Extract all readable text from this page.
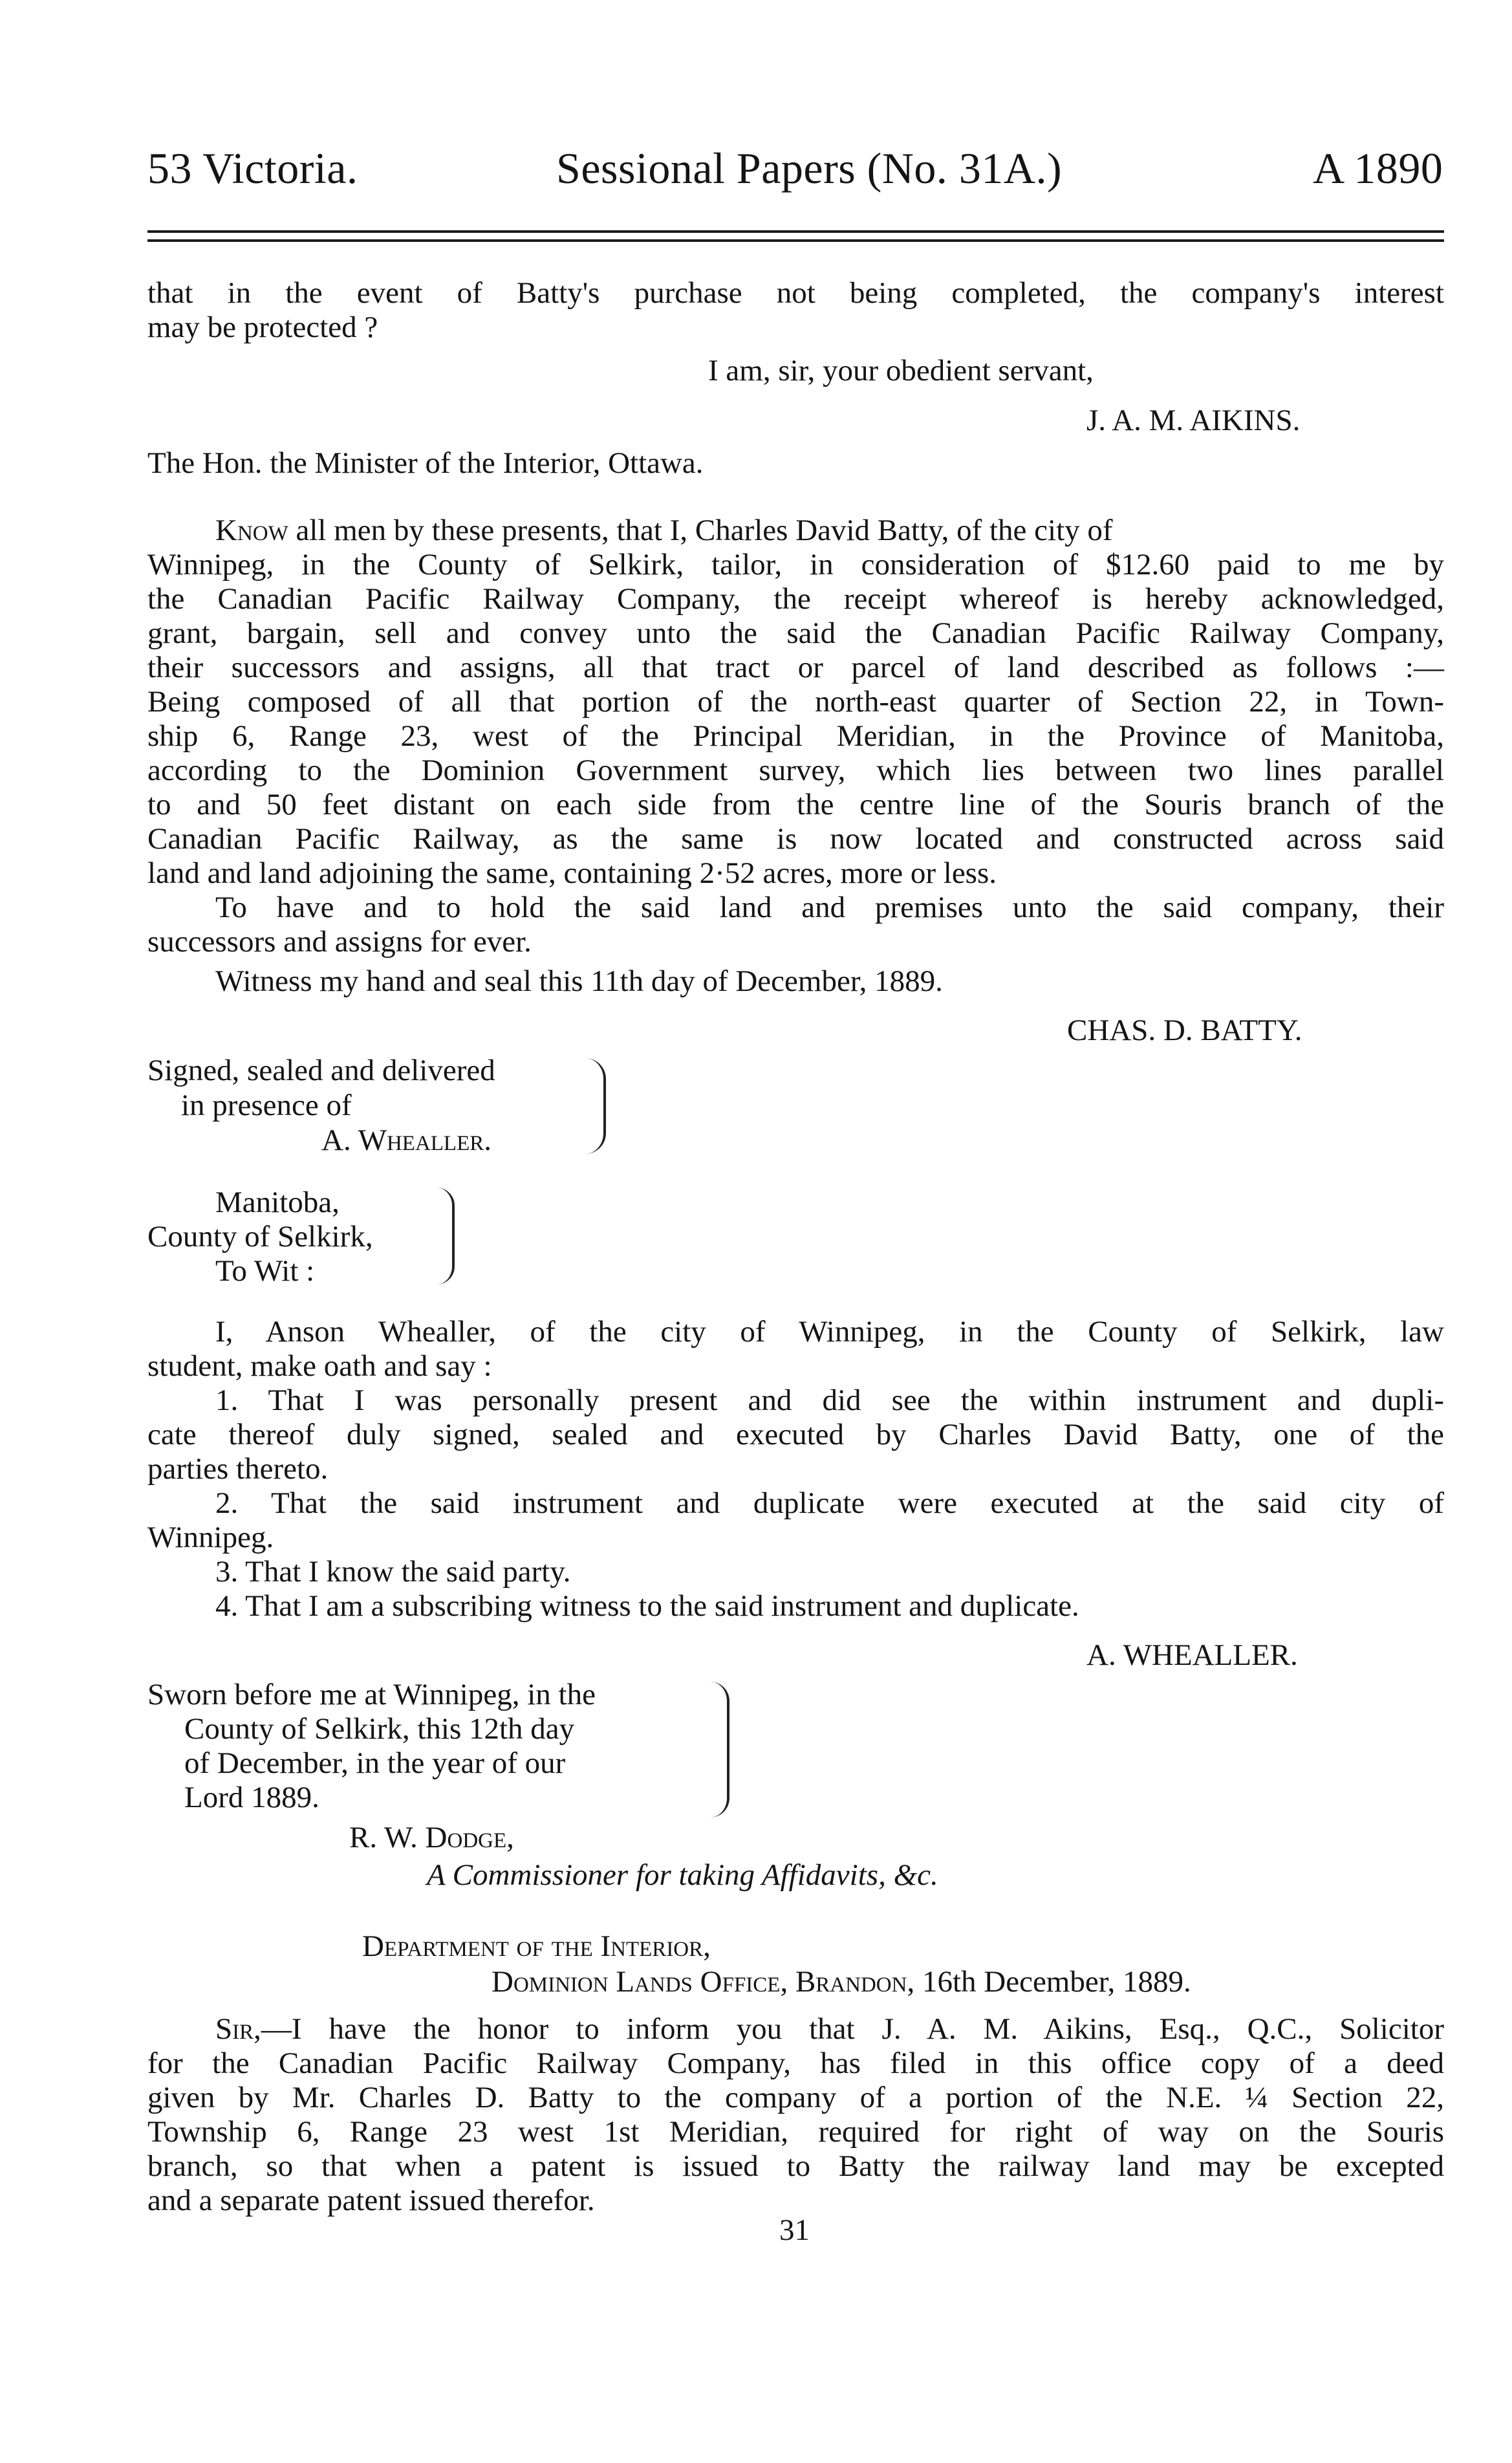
53 Victoria.	Sessional Papers (No. 31A.)	A 1890
that in the event of Batty's purchase not being completed, the company's interest
may be protected ?
I am, sir, your obedient servant,
J. A. M. AIKINS.
The Hon. the Minister of the Interior, Ottawa.
Know all men by these presents, that I, Charles David Batty, of the city of
Winnipeg, in the County of Selkirk, tailor, in consideration of $12.60 paid to me by
the Canadian Pacific Railway Company, the receipt whereof is hereby acknowledged,
grant, bargain, sell and convey unto the said the Canadian Pacific Railway Company,
their successors and assigns, all that tract or parcel of land described as follows :—
Being composed of all that portion of the north-east quarter of Section 22, in Town-
ship 6, Range 23, west of the Principal Meridian, in the Province of Manitoba,
according to the Dominion Government survey, which lies between two lines parallel
to and 50 feet distant on each side from the centre line of the Souris branch of the
Canadian Pacific Railway, as the same is now located and constructed across said
land and land adjoining the same, containing 2·52 acres, more or less.
To have and to hold the said land and premises unto the said company, their
successors and assigns for ever.
Witness my hand and seal this 11th day of December, 1889.
CHAS. D. BATTY.
Signed, sealed and delivered
in presence of
A. Whealler.
Manitoba,
County of Selkirk,
To Wit :
I, Anson Whealler, of the city of Winnipeg, in the County of Selkirk, law
student, make oath and say :
1. That I was personally present and did see the within instrument and dupli-
cate thereof duly signed, sealed and executed by Charles David Batty, one of the
parties thereto.
2. That the said instrument and duplicate were executed at the said city of
Winnipeg.
3. That I know the said party.
4. That I am a subscribing witness to the said instrument and duplicate.
A. WHEALLER.
Sworn before me at Winnipeg, in the
County of Selkirk, this 12th day
of December, in the year of our
Lord 1889.
R. W. Dodge,
A Commissioner for taking Affidavits, &c.
Department of the Interior,
Dominion Lands Office, Brandon, 16th December, 1889.
Sir,—I have the honor to inform you that J. A. M. Aikins, Esq., Q.C., Solicitor
for the Canadian Pacific Railway Company, has filed in this office copy of a deed
given by Mr. Charles D. Batty to the company of a portion of the N.E. ¼ Section 22,
Township 6, Range 23 west 1st Meridian, required for right of way on the Souris
branch, so that when a patent is issued to Batty the railway land may be excepted
and a separate patent issued therefor.
31
